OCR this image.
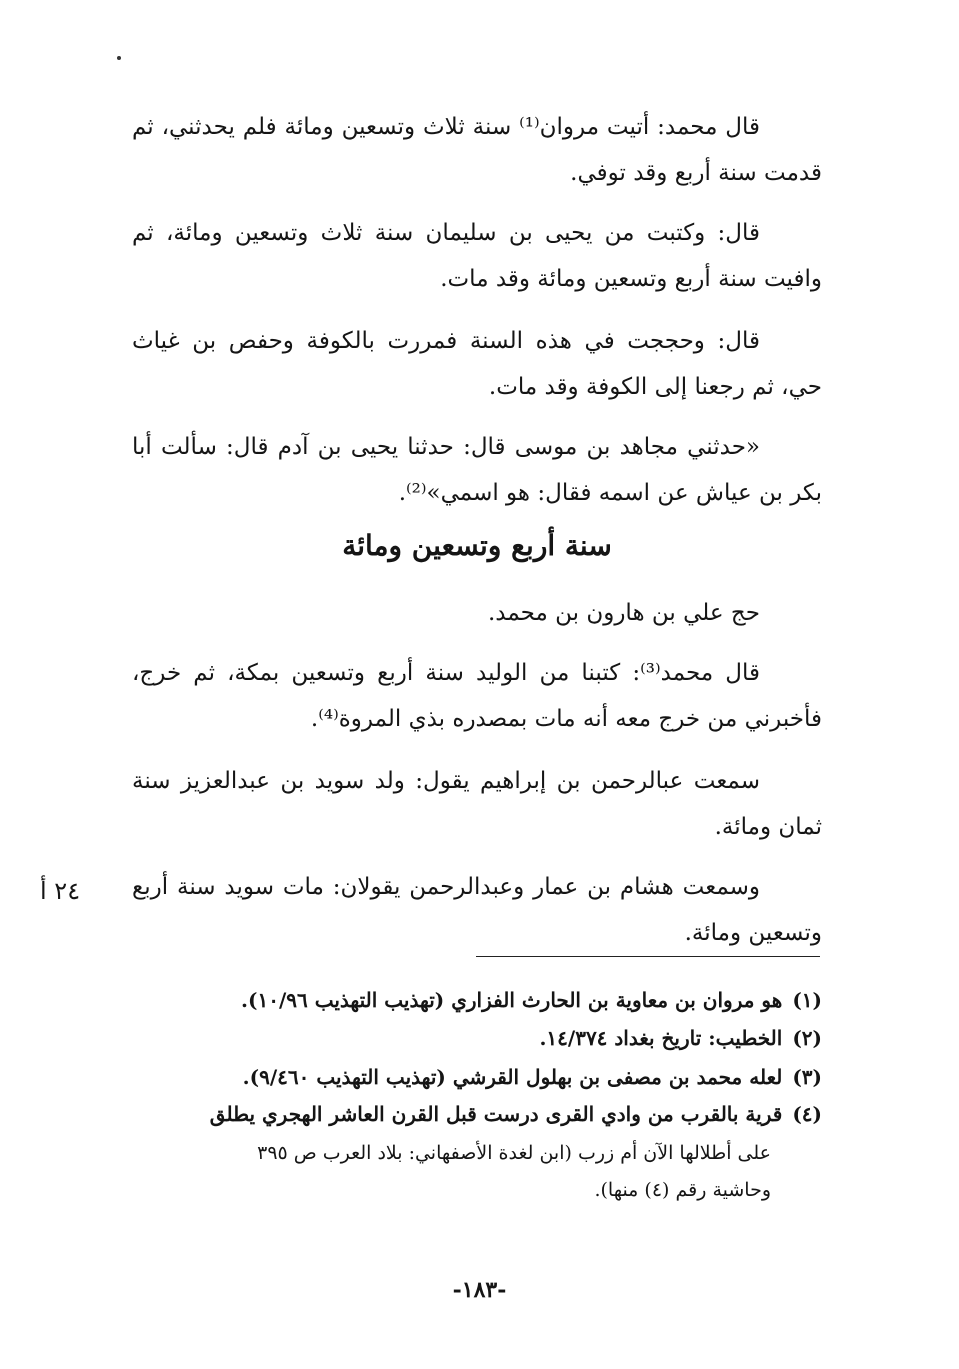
قال محمد: أتيت مروان⁽¹⁾ سنة ثلاث وتسعين ومائة فلم يحدثني، ثم قدمت سنة أربع وقد توفي.

قال: وكتبت من يحيى بن سليمان سنة ثلاث وتسعين ومائة، ثم وافيت سنة أربع وتسعين ومائة وقد مات.

قال: وحججت في هذه السنة فمررت بالكوفة وحفص بن غياث حي، ثم رجعنا إلى الكوفة وقد مات.

«حدثني مجاهد بن موسى قال: حدثنا يحيى بن آدم قال: سألت أبا بكر بن عياش عن اسمه فقال: هو اسمي»⁽²⁾.

سنة أربع وتسعين ومائة

حج علي بن هارون بن محمد.

قال محمد⁽³⁾: كتبنا من الوليد سنة أربع وتسعين بمكة، ثم خرج، فأخبرني من خرج معه أنه مات بمصدره بذي المروة⁽⁴⁾.

سمعت عبالرحمن بن إبراهيم يقول: ولد سويد بن عبدالعزيز سنة ثمان ومائة.

وسمعت هشام بن عمار وعبدالرحمن يقولان: مات سويد سنة أربع وتسعين ومائة.

٢٤ أ
(١)هو مروان بن معاوية بن الحارث الفزاري (تهذيب التهذيب ١٠/٩٦).
(٢)الخطيب: تاريخ بغداد ١٤/٣٧٤.
(٣)لعله محمد بن مصفى بن بهلول القرشي (تهذيب التهذيب ٩/٤٦٠).
(٤)قرية بالقرب من وادي القرى درست قبل القرن العاشر الهجري يطلق
على أطلالها الآن أم زرب (ابن لغدة الأصفهاني: بلاد العرب ص ٣٩٥
وحاشية رقم (٤) منها).
-١٨٣-
